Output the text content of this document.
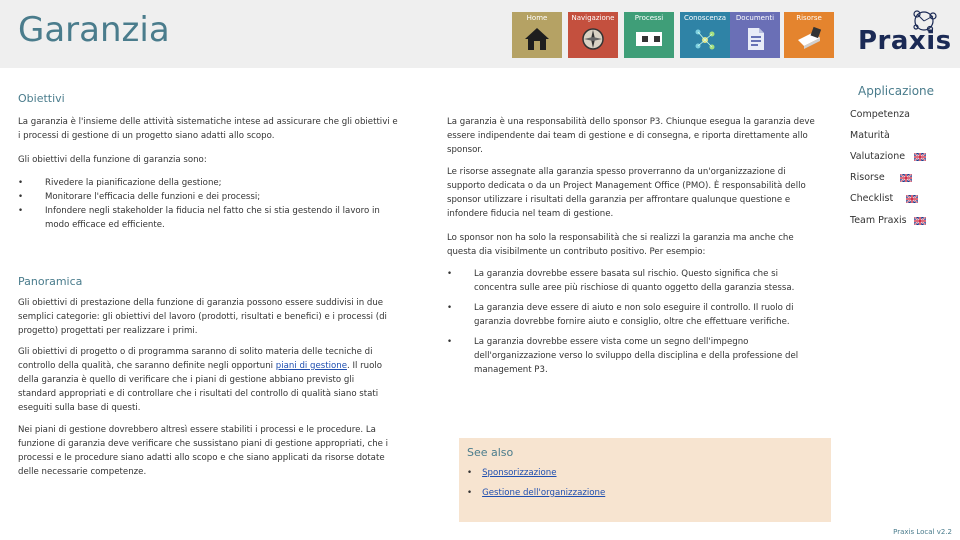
Garanzia	Home	Navigazione	Processi	Conoscenza	Documenti	Risorse
Praxis
Applicazione
Competenza
Maturità
Valutazione
Risorse
Checklist
Team Praxis
Obiettivi
La garanzia è l'insieme delle attività sistematiche intese ad assicurare che gli obiettivi e i processi di gestione di un progetto siano adatti allo scopo.
Gli obiettivi della funzione di garanzia sono:
• Rivedere la pianificazione della gestione;
• Monitorare l'efficacia delle funzioni e dei processi;
• Infondere negli stakeholder la fiducia nel fatto che si stia gestendo il lavoro in modo efficace ed efficiente.
Panoramica
Gli obiettivi di prestazione della funzione di garanzia possono essere suddivisi in due semplici categorie: gli obiettivi del lavoro (prodotti, risultati e benefici) e i processi (di progetto) progettati per realizzare i primi.
Gli obiettivi di progetto o di programma saranno di solito materia delle tecniche di controllo della qualità, che saranno definite negli opportuni piani di gestione. Il ruolo della garanzia è quello di verificare che i piani di gestione abbiano previsto gli standard appropriati e di controllare che i risultati del controllo di qualità siano stati eseguiti sulla base di questi.
Nei piani di gestione dovrebbero altresì essere stabiliti i processi e le procedure. La funzione di garanzia deve verificare che sussistano piani di gestione appropriati, che i processi e le procedure siano adatti allo scopo e che siano applicati da risorse dotate delle necessarie competenze.
La garanzia è una responsabilità dello sponsor P3. Chiunque esegua la garanzia deve essere indipendente dai team di gestione e di consegna, e riporta direttamente allo sponsor.
Le risorse assegnate alla garanzia spesso proverranno da un'organizzazione di supporto dedicata o da un Project Management Office (PMO). È responsabilità dello sponsor utilizzare i risultati della garanzia per affrontare qualunque questione e infondere fiducia nel team di gestione.
Lo sponsor non ha solo la responsabilità che si realizzi la garanzia ma anche che questa dia visibilmente un contributo positivo. Per esempio:
• La garanzia dovrebbe essere basata sul rischio. Questo significa che si concentra sulle aree più rischiose di quanto oggetto della garanzia stessa.
• La garanzia deve essere di aiuto e non solo eseguire il controllo. Il ruolo di garanzia dovrebbe fornire aiuto e consiglio, oltre che effettuare verifiche.
• La garanzia dovrebbe essere vista come un segno dell'impegno dell'organizzazione verso lo sviluppo della disciplina e della professione del management P3.
See also
• Sponsorizzazione
• Gestione dell'organizzazione
Praxis Local v2.2
